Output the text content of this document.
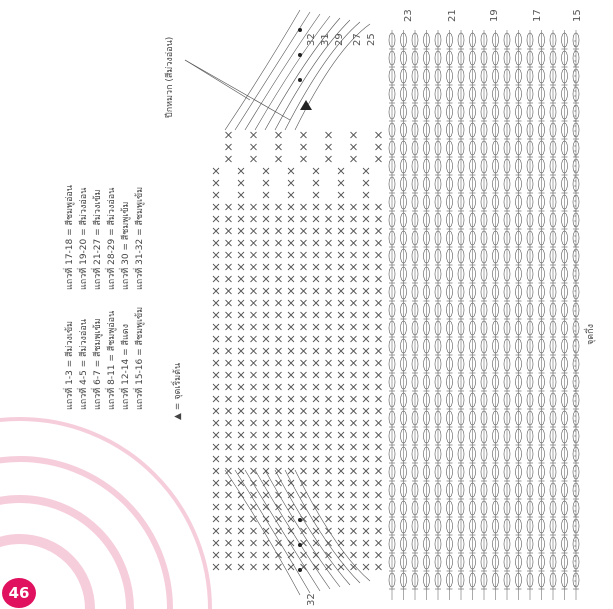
46
แถวที่ 1-3 = สีม่วงเข้ม แถวที่ 4-5 = สีม่วงอ่อน แถวที่ 6-7 = สีชมพูเข้ม แถวที่ 8-11 = สีชมพูอ่อน แถวที่ 12-14 = สีแดง แถวที่ 15-16 = สีชมพูเข้ม
แถวที่ 17-18 = สีชมพูอ่อน แถวที่ 19-20 = สีม่วงอ่อน แถวที่ 21-27 = สีม่วงเข้ม แถวที่ 28-29 = สีม่วงอ่อน แถวที่ 30 = สีชมพูเข้ม แถวที่ 31-32 = สีชมพูเข้ม
▲ = จุดเริ่มต้น
จุดกึ่ง
ปีกหมวก (สีม่วงอ่อน)
23	21	19	17	15
32 31 29 27 25
32
